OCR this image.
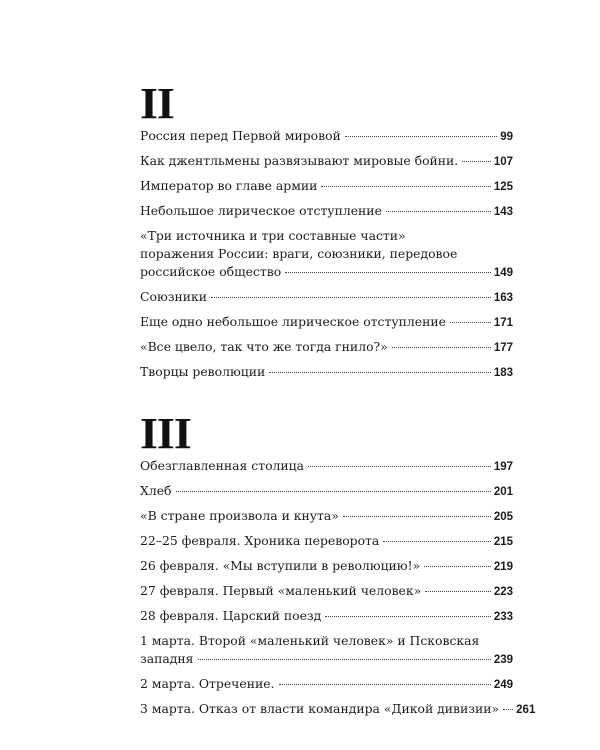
II
Россия перед Первой мировой	99
Как джентльмены развязывают мировые бойни.	107
Император во главе армии	125
Небольшое лирическое отступление	143
«Три источника и три составные части»
поражения России: враги, союзники, передовое
российское общество	149
Союзники	163
Еще одно небольшое лирическое отступление	171
«Все цвело, так что же тогда гнило?»	177
Творцы революции	183
III
Обезглавленная столица	197
Хлеб	201
«В стране произвола и кнута»	205
22–25 февраля. Хроника переворота	215
26 февраля. «Мы вступили в революцию!»	219
27 февраля. Первый «маленький человек»	223
28 февраля. Царский поезд	233
1 марта. Второй «маленький человек» и Псковская
западня	239
2 марта. Отречение.	249
3 марта. Отказ от власти командира «Дикой дивизии» 261
